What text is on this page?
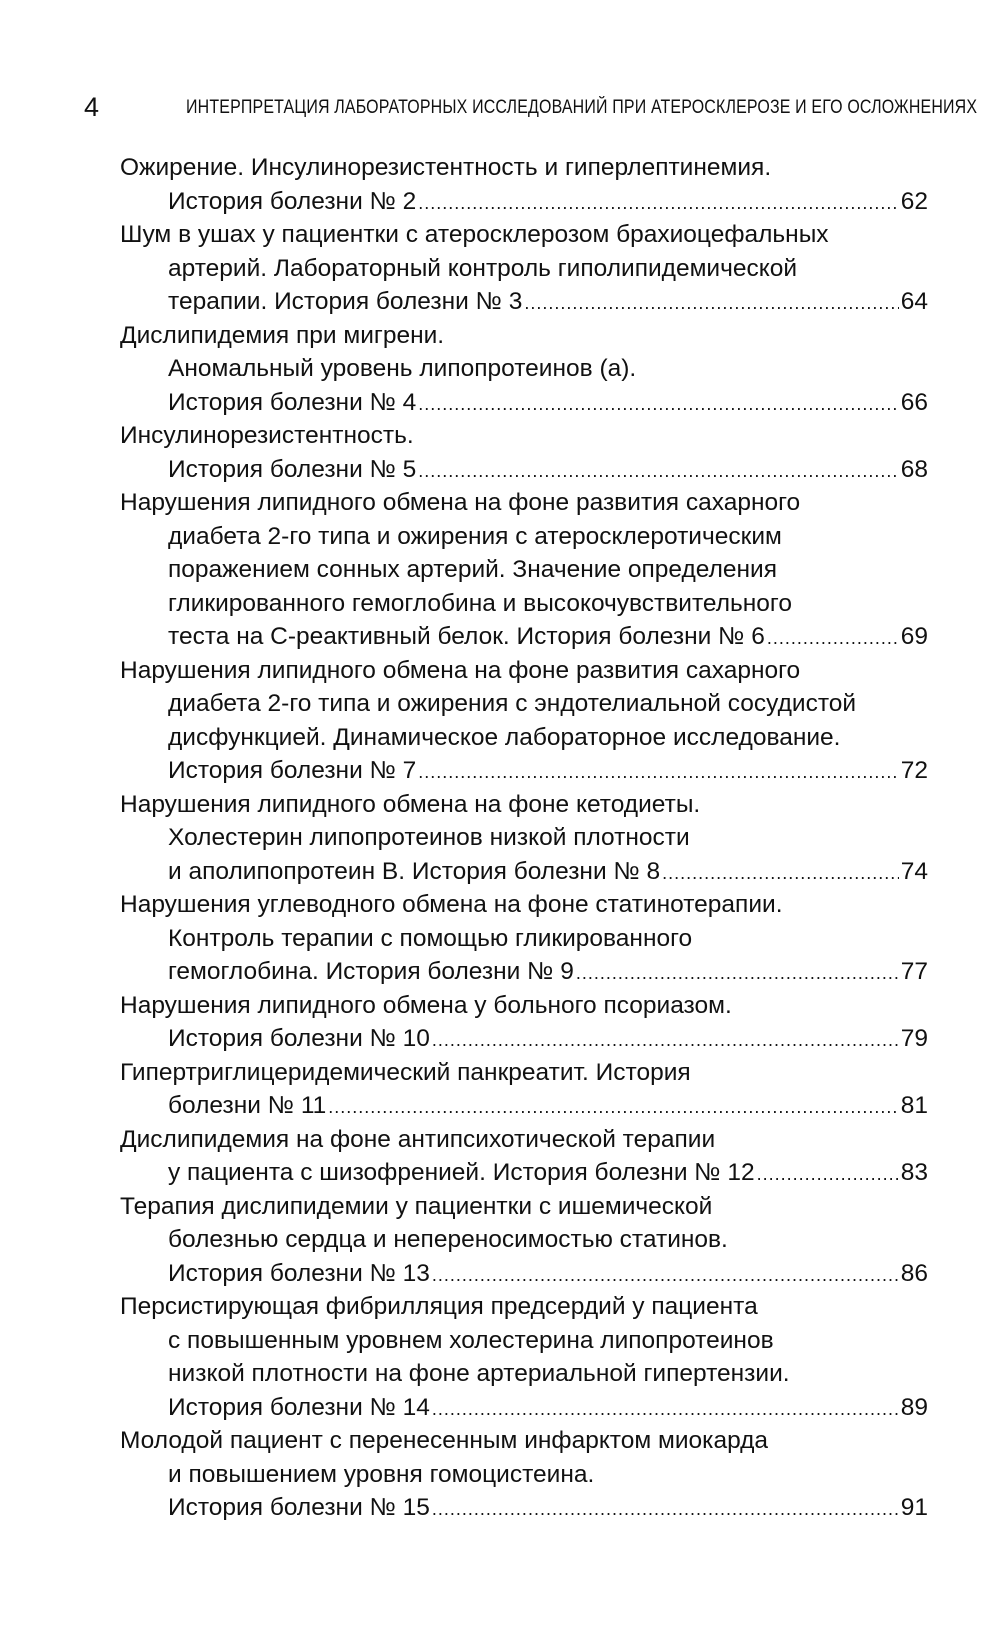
4	ИНТЕРПРЕТАЦИЯ ЛАБОРАТОРНЫХ ИССЛЕДОВАНИЙ ПРИ АТЕРОСКЛЕРОЗЕ И ЕГО ОСЛОЖНЕНИЯХ
Ожирение. Инсулинорезистентность и гиперлептинемия.
История болезни № 2 .....	62
Шум в ушах у пациентки с атеросклерозом брахиоцефальных
артерий. Лабораторный контроль гиполипидемической
терапии. История болезни № 3 .....	64
Дислипидемия при мигрени.
Аномальный уровень липопротеинов (а).
История болезни № 4 .....	66
Инсулинорезистентность.
История болезни № 5 .....	68
Нарушения липидного обмена на фоне развития сахарного
диабета 2-го типа и ожирения с атеросклеротическим
поражением сонных артерий. Значение определения
гликированного гемоглобина и высокочувствительного
теста на С-реактивный белок. История болезни № 6 .....	69
Нарушения липидного обмена на фоне развития сахарного
диабета 2-го типа и ожирения с эндотелиальной сосудистой
дисфункцией. Динамическое лабораторное исследование.
История болезни № 7 .....	72
Нарушения липидного обмена на фоне кетодиеты.
Холестерин липопротеинов низкой плотности
и аполипопротеин B. История болезни № 8 .....	74
Нарушения углеводного обмена на фоне статинотерапии.
Контроль терапии с помощью гликированного
гемоглобина. История болезни № 9 .....	77
Нарушения липидного обмена у больного псориазом.
История болезни № 10 .....	79
Гипертриглицеридемический панкреатит. История
болезни № 11 .....	81
Дислипидемия на фоне антипсихотической терапии
у пациента с шизофренией. История болезни № 12 .....	83
Терапия дислипидемии у пациентки с ишемической
болезнью сердца и непереносимостью статинов.
История болезни № 13 .....	86
Персистирующая фибрилляция предсердий у пациента
с повышенным уровнем холестерина липопротеинов
низкой плотности на фоне артериальной гипертензии.
История болезни № 14 .....	89
Молодой пациент с перенесенным инфарктом миокарда
и повышением уровня гомоцистеина.
История болезни № 15 .....	91
